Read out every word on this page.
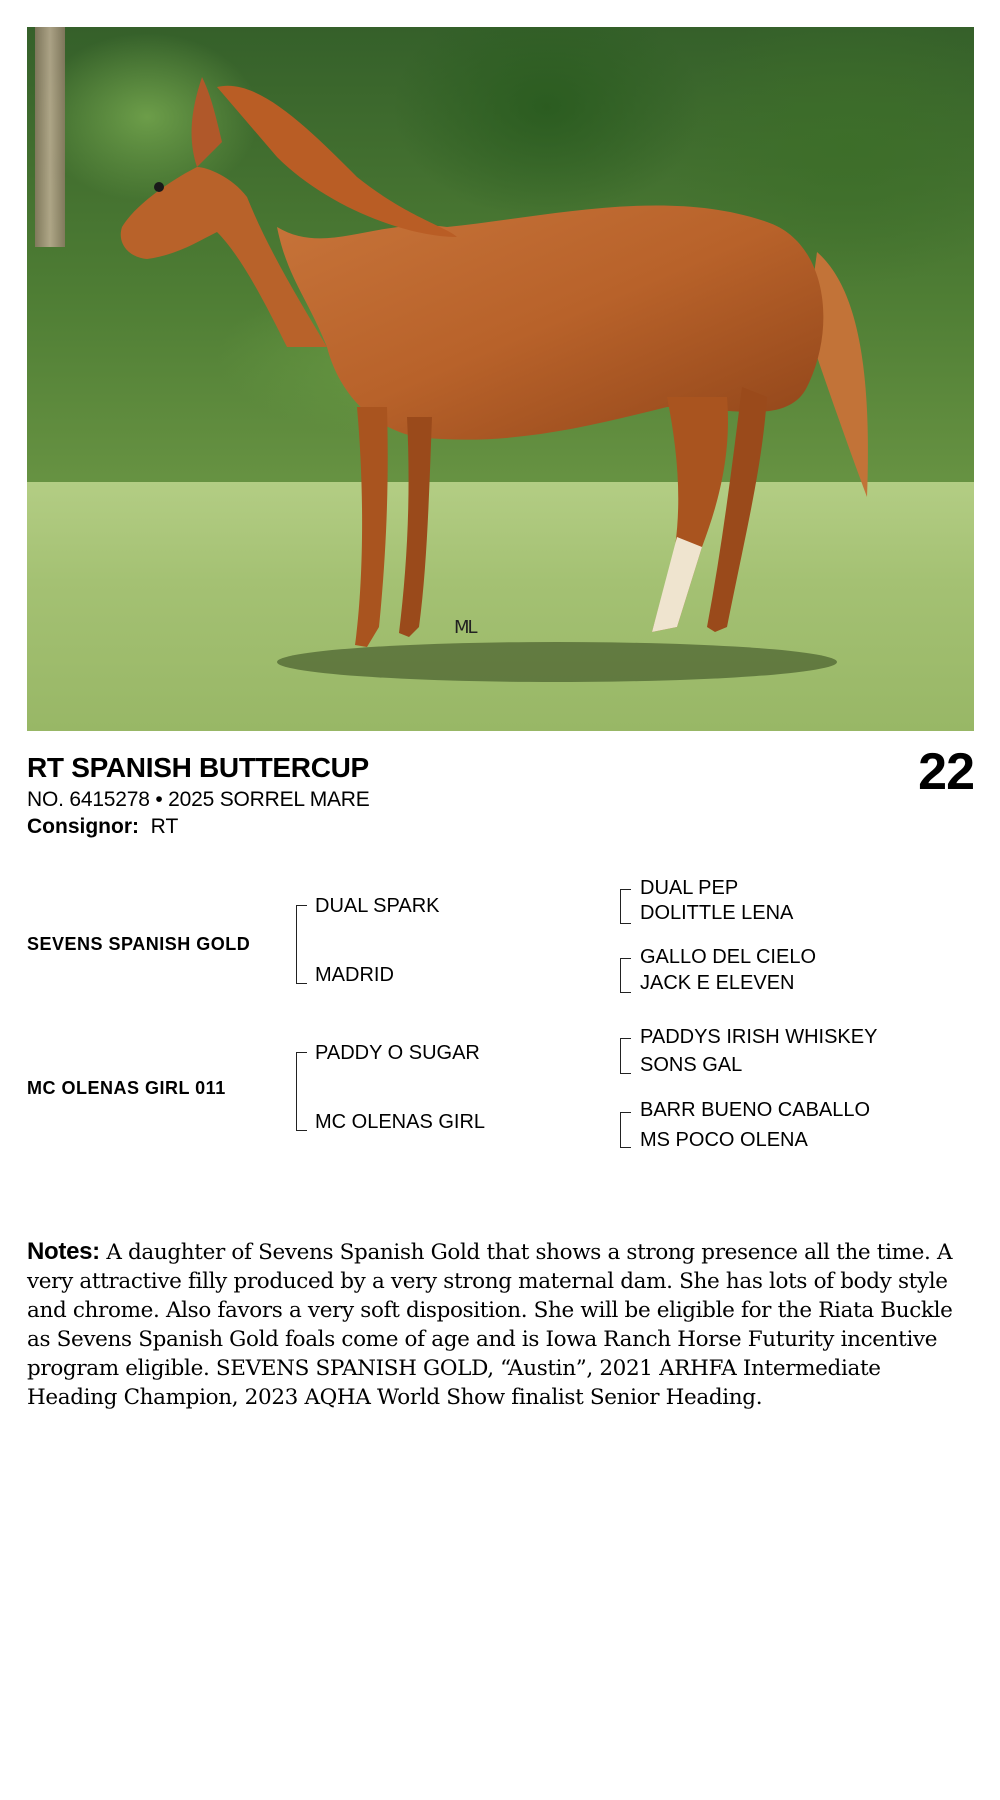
ML
RT SPANISH BUTTERCUP
NO. 6415278 • 2025 SORREL MARE
Consignor: RT
22
SEVENS SPANISH GOLD
DUAL SPARK
MADRID
DUAL PEP
DOLITTLE LENA
GALLO DEL CIELO
JACK E ELEVEN
MC OLENAS GIRL 011
PADDY O SUGAR
MC OLENAS GIRL
PADDYS IRISH WHISKEY
SONS GAL
BARR BUENO CABALLO
MS POCO OLENA
Notes: A daughter of Sevens Spanish Gold that shows a strong presence all the time. A very attractive filly produced by a very strong maternal dam. She has lots of body style and chrome. Also favors a very soft disposition. She will be eligible for the Riata Buckle as Sevens Spanish Gold foals come of age and is Iowa Ranch Horse Futurity incentive program eligible. SEVENS SPANISH GOLD, “Austin”, 2021 ARHFA Intermediate Heading Champion, 2023 AQHA World Show finalist Senior Heading.
